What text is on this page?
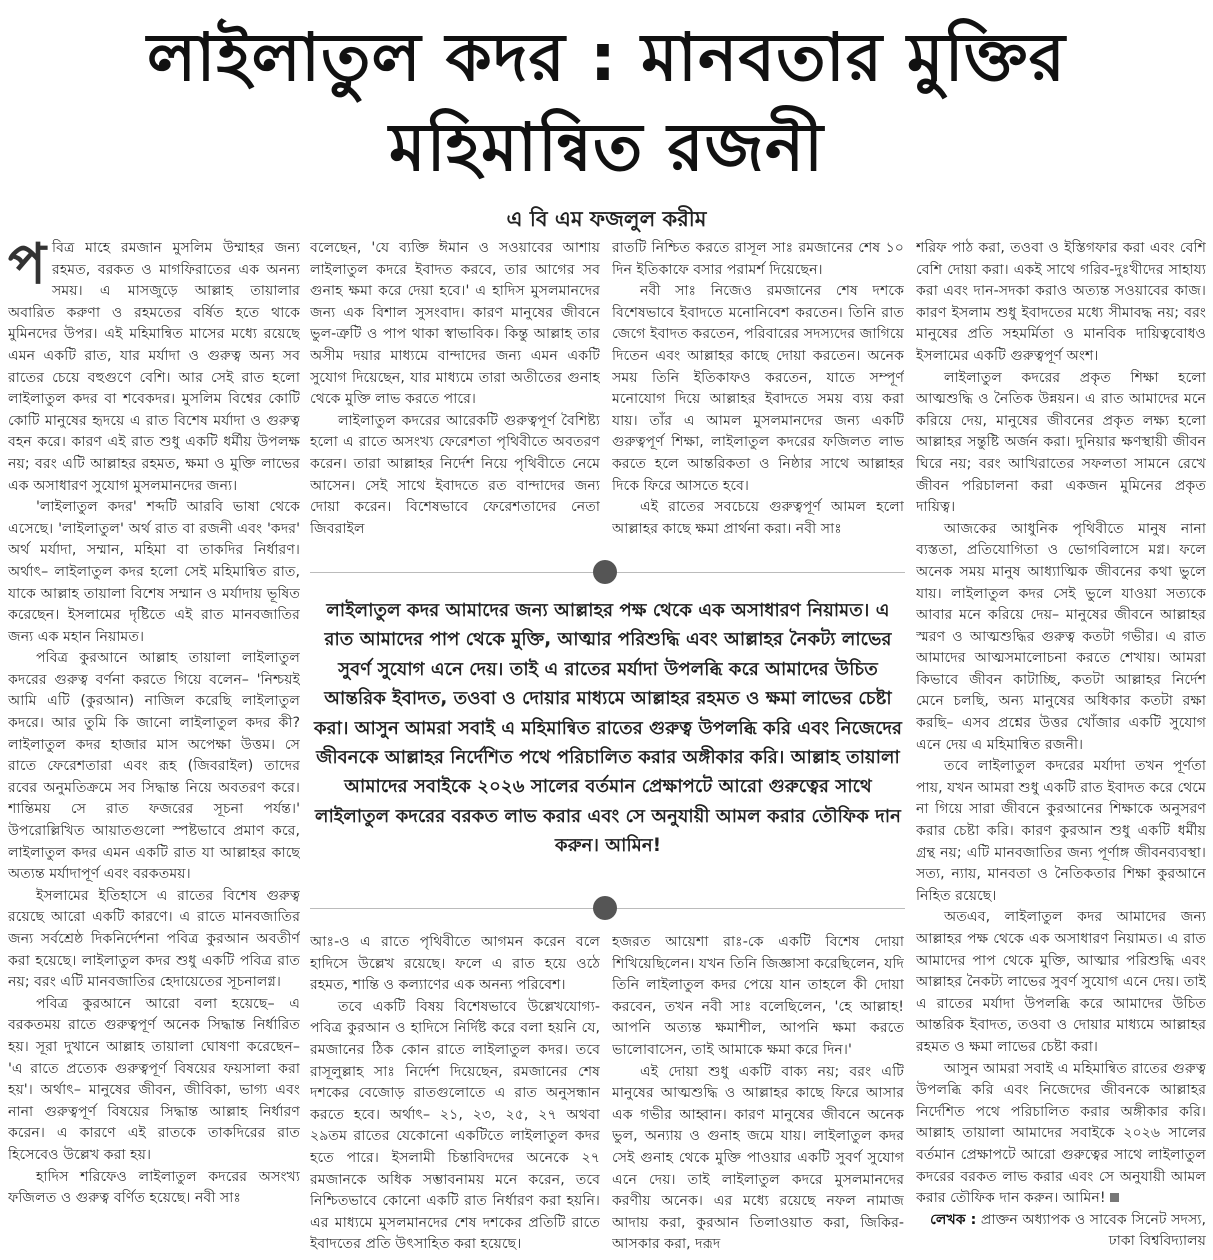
লাইলাতুল কদর : মানবতার মুক্তির
মহিমান্বিত রজনী
এ বি এম ফজলুল করীম

পবিত্র মাহে রমজান মুসলিম উম্মাহর জন্য রহমত, বরকত ও মাগফিরাতের এক অনন্য সময়। এ মাসজুড়ে আল্লাহ তায়ালার অবারিত করুণা ও রহমতের বর্ষিত হতে থাকে মুমিনদের উপর। এই মহিমান্বিত মাসের মধ্যে রয়েছে এমন একটি রাত, যার মর্যাদা ও গুরুত্ব অন্য সব রাতের চেয়ে বহুগুণে বেশি। আর সেই রাত হলো লাইলাতুল কদর বা শবেকদর। মুসলিম বিশ্বের কোটি কোটি মানুষের হৃদয়ে এ রাত বিশেষ মর্যাদা ও গুরুত্ব বহন করে। কারণ এই রাত শুধু একটি ধর্মীয় উপলক্ষ নয়; বরং এটি আল্লাহর রহমত, ক্ষমা ও মুক্তি লাভের এক অসাধারণ সুযোগ মুসলমানদের জন্য।

'লাইলাতুল কদর' শব্দটি আরবি ভাষা থেকে এসেছে। 'লাইলাতুল' অর্থ রাত বা রজনী এবং 'কদর' অর্থ মর্যাদা, সম্মান, মহিমা বা তাকদির নির্ধারণ। অর্থাৎ– লাইলাতুল কদর হলো সেই মহিমান্বিত রাত, যাকে আল্লাহ তায়ালা বিশেষ সম্মান ও মর্যাদায় ভূষিত করেছেন। ইসলামের দৃষ্টিতে এই রাত মানবজাতির জন্য এক মহান নিয়ামত।

পবিত্র কুরআনে আল্লাহ তায়ালা লাইলাতুল কদরের গুরুত্ব বর্ণনা করতে গিয়ে বলেন– 'নিশ্চয়ই আমি এটি (কুরআন) নাজিল করেছি লাইলাতুল কদরে। আর তুমি কি জানো লাইলাতুল কদর কী? লাইলাতুল কদর হাজার মাস অপেক্ষা উত্তম। সে রাতে ফেরেশতারা এবং রূহ (জিবরাইল) তাদের রবের অনুমতিক্রমে সব সিদ্ধান্ত নিয়ে অবতরণ করে। শান্তিময় সে রাত ফজরের সূচনা পর্যন্ত।' উপরোল্লিখিত আয়াতগুলো স্পষ্টভাবে প্রমাণ করে, লাইলাতুল কদর এমন একটি রাত যা আল্লাহর কাছে অত্যন্ত মর্যাদাপূর্ণ এবং বরকতময়।

ইসলামের ইতিহাসে এ রাতের বিশেষ গুরুত্ব রয়েছে আরো একটি কারণে। এ রাতে মানবজাতির জন্য সর্বশ্রেষ্ঠ দিকনির্দেশনা পবিত্র কুরআন অবতীর্ণ করা হয়েছে। লাইলাতুল কদর শুধু একটি পবিত্র রাত নয়; বরং এটি মানবজাতির হেদায়েতের সূচনালগ্ন।

পবিত্র কুরআনে আরো বলা হয়েছে– এ বরকতময় রাতে গুরুত্বপূর্ণ অনেক সিদ্ধান্ত নির্ধারিত হয়। সূরা দুখানে আল্লাহ তায়ালা ঘোষণা করেছেন– 'এ রাতে প্রত্যেক গুরুত্বপূর্ণ বিষয়ের ফয়সালা করা হয়'। অর্থাৎ– মানুষের জীবন, জীবিকা, ভাগ্য এবং নানা গুরুত্বপূর্ণ বিষয়ের সিদ্ধান্ত আল্লাহ নির্ধারণ করেন। এ কারণে এই রাতকে তাকদিরের রাত হিসেবেও উল্লেখ করা হয়।

হাদিস শরিফেও লাইলাতুল কদরের অসংখ্য ফজিলত ও গুরুত্ব বর্ণিত হয়েছে। নবী সাঃ

বলেছেন, 'যে ব্যক্তি ঈমান ও সওয়াবের আশায় লাইলাতুল কদরে ইবাদত করবে, তার আগের সব গুনাহ ক্ষমা করে দেয়া হবে।' এ হাদিস মুসলমানদের জন্য এক বিশাল সুসংবাদ। কারণ মানুষের জীবনে ভুল-ত্রুটি ও পাপ থাকা স্বাভাবিক। কিন্তু আল্লাহ তার অসীম দয়ার মাধ্যমে বান্দাদের জন্য এমন একটি সুযোগ দিয়েছেন, যার মাধ্যমে তারা অতীতের গুনাহ থেকে মুক্তি লাভ করতে পারে।

লাইলাতুল কদরের আরেকটি গুরুত্বপূর্ণ বৈশিষ্ট্য হলো এ রাতে অসংখ্য ফেরেশতা পৃথিবীতে অবতরণ করেন। তারা আল্লাহর নির্দেশ নিয়ে পৃথিবীতে নেমে আসেন। সেই সাথে ইবাদতে রত বান্দাদের জন্য দোয়া করেন। বিশেষভাবে ফেরেশতাদের নেতা জিবরাইল

রাতটি নিশ্চিত করতে রাসূল সাঃ রমজানের শেষ ১০ দিন ইতিকাফে বসার পরামর্শ দিয়েছেন।

নবী সাঃ নিজেও রমজানের শেষ দশকে বিশেষভাবে ইবাদতে মনোনিবেশ করতেন। তিনি রাত জেগে ইবাদত করতেন, পরিবারের সদস্যদের জাগিয়ে দিতেন এবং আল্লাহর কাছে দোয়া করতেন। অনেক সময় তিনি ইতিকাফও করতেন, যাতে সম্পূর্ণ মনোযোগ দিয়ে আল্লাহর ইবাদতে সময় ব্যয় করা যায়। তাঁর এ আমল মুসলমানদের জন্য একটি গুরুত্বপূর্ণ শিক্ষা, লাইলাতুল কদরের ফজিলত লাভ করতে হলে আন্তরিকতা ও নিষ্ঠার সাথে আল্লাহর দিকে ফিরে আসতে হবে।

এই রাতের সবচেয়ে গুরুত্বপূর্ণ আমল হলো আল্লাহর কাছে ক্ষমা প্রার্থনা করা। নবী সাঃ

লাইলাতুল কদর আমাদের জন্য আল্লাহর পক্ষ থেকে এক অসাধারণ নিয়ামত। এ রাত আমাদের পাপ থেকে মুক্তি, আত্মার পরিশুদ্ধি এবং আল্লাহর নৈকট্য লাভের সুবর্ণ সুযোগ এনে দেয়। তাই এ রাতের মর্যাদা উপলব্ধি করে আমাদের উচিত আন্তরিক ইবাদত, তওবা ও দোয়ার মাধ্যমে আল্লাহর রহমত ও ক্ষমা লাভের চেষ্টা করা। আসুন আমরা সবাই এ মহিমান্বিত রাতের গুরুত্ব উপলব্ধি করি এবং নিজেদের জীবনকে আল্লাহর নির্দেশিত পথে পরিচালিত করার অঙ্গীকার করি। আল্লাহ তায়ালা আমাদের সবাইকে ২০২৬ সালের বর্তমান প্রেক্ষাপটে আরো গুরুত্বের সাথে লাইলাতুল কদরের বরকত লাভ করার এবং সে অনুযায়ী আমল করার তৌফিক দান করুন। আমিন!

আঃ-ও এ রাতে পৃথিবীতে আগমন করেন বলে হাদিসে উল্লেখ রয়েছে। ফলে এ রাত হয়ে ওঠে রহমত, শান্তি ও কল্যাণের এক অনন্য পরিবেশ।

তবে একটি বিষয় বিশেষভাবে উল্লেখযোগ্য- পবিত্র কুরআন ও হাদিসে নির্দিষ্ট করে বলা হয়নি যে, রমজানের ঠিক কোন রাতে লাইলাতুল কদর। তবে রাসূলুল্লাহ সাঃ নির্দেশ দিয়েছেন, রমজানের শেষ দশকের বেজোড় রাতগুলোতে এ রাত অনুসন্ধান করতে হবে। অর্থাৎ– ২১, ২৩, ২৫, ২৭ অথবা ২৯তম রাতের যেকোনো একটিতে লাইলাতুল কদর হতে পারে। ইসলামী চিন্তাবিদদের অনেকে ২৭ রমজানকে অধিক সম্ভাবনাময় মনে করেন, তবে নিশ্চিতভাবে কোনো একটি রাত নির্ধারণ করা হয়নি। এর মাধ্যমে মুসলমানদের শেষ দশকের প্রতিটি রাতে ইবাদতের প্রতি উৎসাহিত করা হয়েছে।

হজরত আয়েশা রাঃ-কে একটি বিশেষ দোয়া শিখিয়েছিলেন। যখন তিনি জিজ্ঞাসা করেছিলেন, যদি তিনি লাইলাতুল কদর পেয়ে যান তাহলে কী দোয়া করবেন, তখন নবী সাঃ বলেছিলেন, 'হে আল্লাহ! আপনি অত্যন্ত ক্ষমাশীল, আপনি ক্ষমা করতে ভালোবাসেন, তাই আমাকে ক্ষমা করে দিন।'

এই দোয়া শুধু একটি বাক্য নয়; বরং এটি মানুষের আত্মশুদ্ধি ও আল্লাহর কাছে ফিরে আসার এক গভীর আহ্বান। কারণ মানুষের জীবনে অনেক ভুল, অন্যায় ও গুনাহ জমে যায়। লাইলাতুল কদর সেই গুনাহ থেকে মুক্তি পাওয়ার একটি সুবর্ণ সুযোগ এনে দেয়। তাই লাইলাতুল কদরে মুসলমানদের করণীয় অনেক। এর মধ্যে রয়েছে নফল নামাজ আদায় করা, কুরআন তিলাওয়াত করা, জিকির-আসকার করা, দরূদ

শরিফ পাঠ করা, তওবা ও ইস্তিগফার করা এবং বেশি বেশি দোয়া করা। একই সাথে গরিব-দুঃখীদের সাহায্য করা এবং দান-সদকা করাও অত্যন্ত সওয়াবের কাজ। কারণ ইসলাম শুধু ইবাদতের মধ্যে সীমাবদ্ধ নয়; বরং মানুষের প্রতি সহমর্মিতা ও মানবিক দায়িত্ববোধও ইসলামের একটি গুরুত্বপূর্ণ অংশ।

লাইলাতুল কদরের প্রকৃত শিক্ষা হলো আত্মশুদ্ধি ও নৈতিক উন্নয়ন। এ রাত আমাদের মনে করিয়ে দেয়, মানুষের জীবনের প্রকৃত লক্ষ্য হলো আল্লাহর সন্তুষ্টি অর্জন করা। দুনিয়ার ক্ষণস্থায়ী জীবন ঘিরে নয়; বরং আখিরাতের সফলতা সামনে রেখে জীবন পরিচালনা করা একজন মুমিনের প্রকৃত দায়িত্ব।

আজকের আধুনিক পৃথিবীতে মানুষ নানা ব্যস্ততা, প্রতিযোগিতা ও ভোগবিলাসে মগ্ন। ফলে অনেক সময় মানুষ আধ্যাত্মিক জীবনের কথা ভুলে যায়। লাইলাতুল কদর সেই ভুলে যাওয়া সত্যকে আবার মনে করিয়ে দেয়– মানুষের জীবনে আল্লাহর স্মরণ ও আত্মশুদ্ধির গুরুত্ব কতটা গভীর। এ রাত আমাদের আত্মসমালোচনা করতে শেখায়। আমরা কিভাবে জীবন কাটাচ্ছি, কতটা আল্লাহর নির্দেশ মেনে চলছি, অন্য মানুষের অধিকার কতটা রক্ষা করছি– এসব প্রশ্নের উত্তর খোঁজার একটি সুযোগ এনে দেয় এ মহিমান্বিত রজনী।

তবে লাইলাতুল কদরের মর্যাদা তখন পূর্ণতা পায়, যখন আমরা শুধু একটি রাত ইবাদত করে থেমে না গিয়ে সারা জীবনে কুরআনের শিক্ষাকে অনুসরণ করার চেষ্টা করি। কারণ কুরআন শুধু একটি ধর্মীয় গ্রন্থ নয়; এটি মানবজাতির জন্য পূর্ণাঙ্গ জীবনব্যবস্থা। সত্য, ন্যায়, মানবতা ও নৈতিকতার শিক্ষা কুরআনে নিহিত রয়েছে।

অতএব, লাইলাতুল কদর আমাদের জন্য আল্লাহর পক্ষ থেকে এক অসাধারণ নিয়ামত। এ রাত আমাদের পাপ থেকে মুক্তি, আত্মার পরিশুদ্ধি এবং আল্লাহর নৈকট্য লাভের সুবর্ণ সুযোগ এনে দেয়। তাই এ রাতের মর্যাদা উপলব্ধি করে আমাদের উচিত আন্তরিক ইবাদত, তওবা ও দোয়ার মাধ্যমে আল্লাহর রহমত ও ক্ষমা লাভের চেষ্টা করা।

আসুন আমরা সবাই এ মহিমান্বিত রাতের গুরুত্ব উপলব্ধি করি এবং নিজেদের জীবনকে আল্লাহর নির্দেশিত পথে পরিচালিত করার অঙ্গীকার করি। আল্লাহ তায়ালা আমাদের সবাইকে ২০২৬ সালের বর্তমান প্রেক্ষাপটে আরো গুরুত্বের সাথে লাইলাতুল কদরের বরকত লাভ করার এবং সে অনুযায়ী আমল করার তৌফিক দান করুন। আমিন!

লেখক : প্রাক্তন অধ্যাপক ও সাবেক সিনেট সদস্য, ঢাকা বিশ্ববিদ্যালয়
